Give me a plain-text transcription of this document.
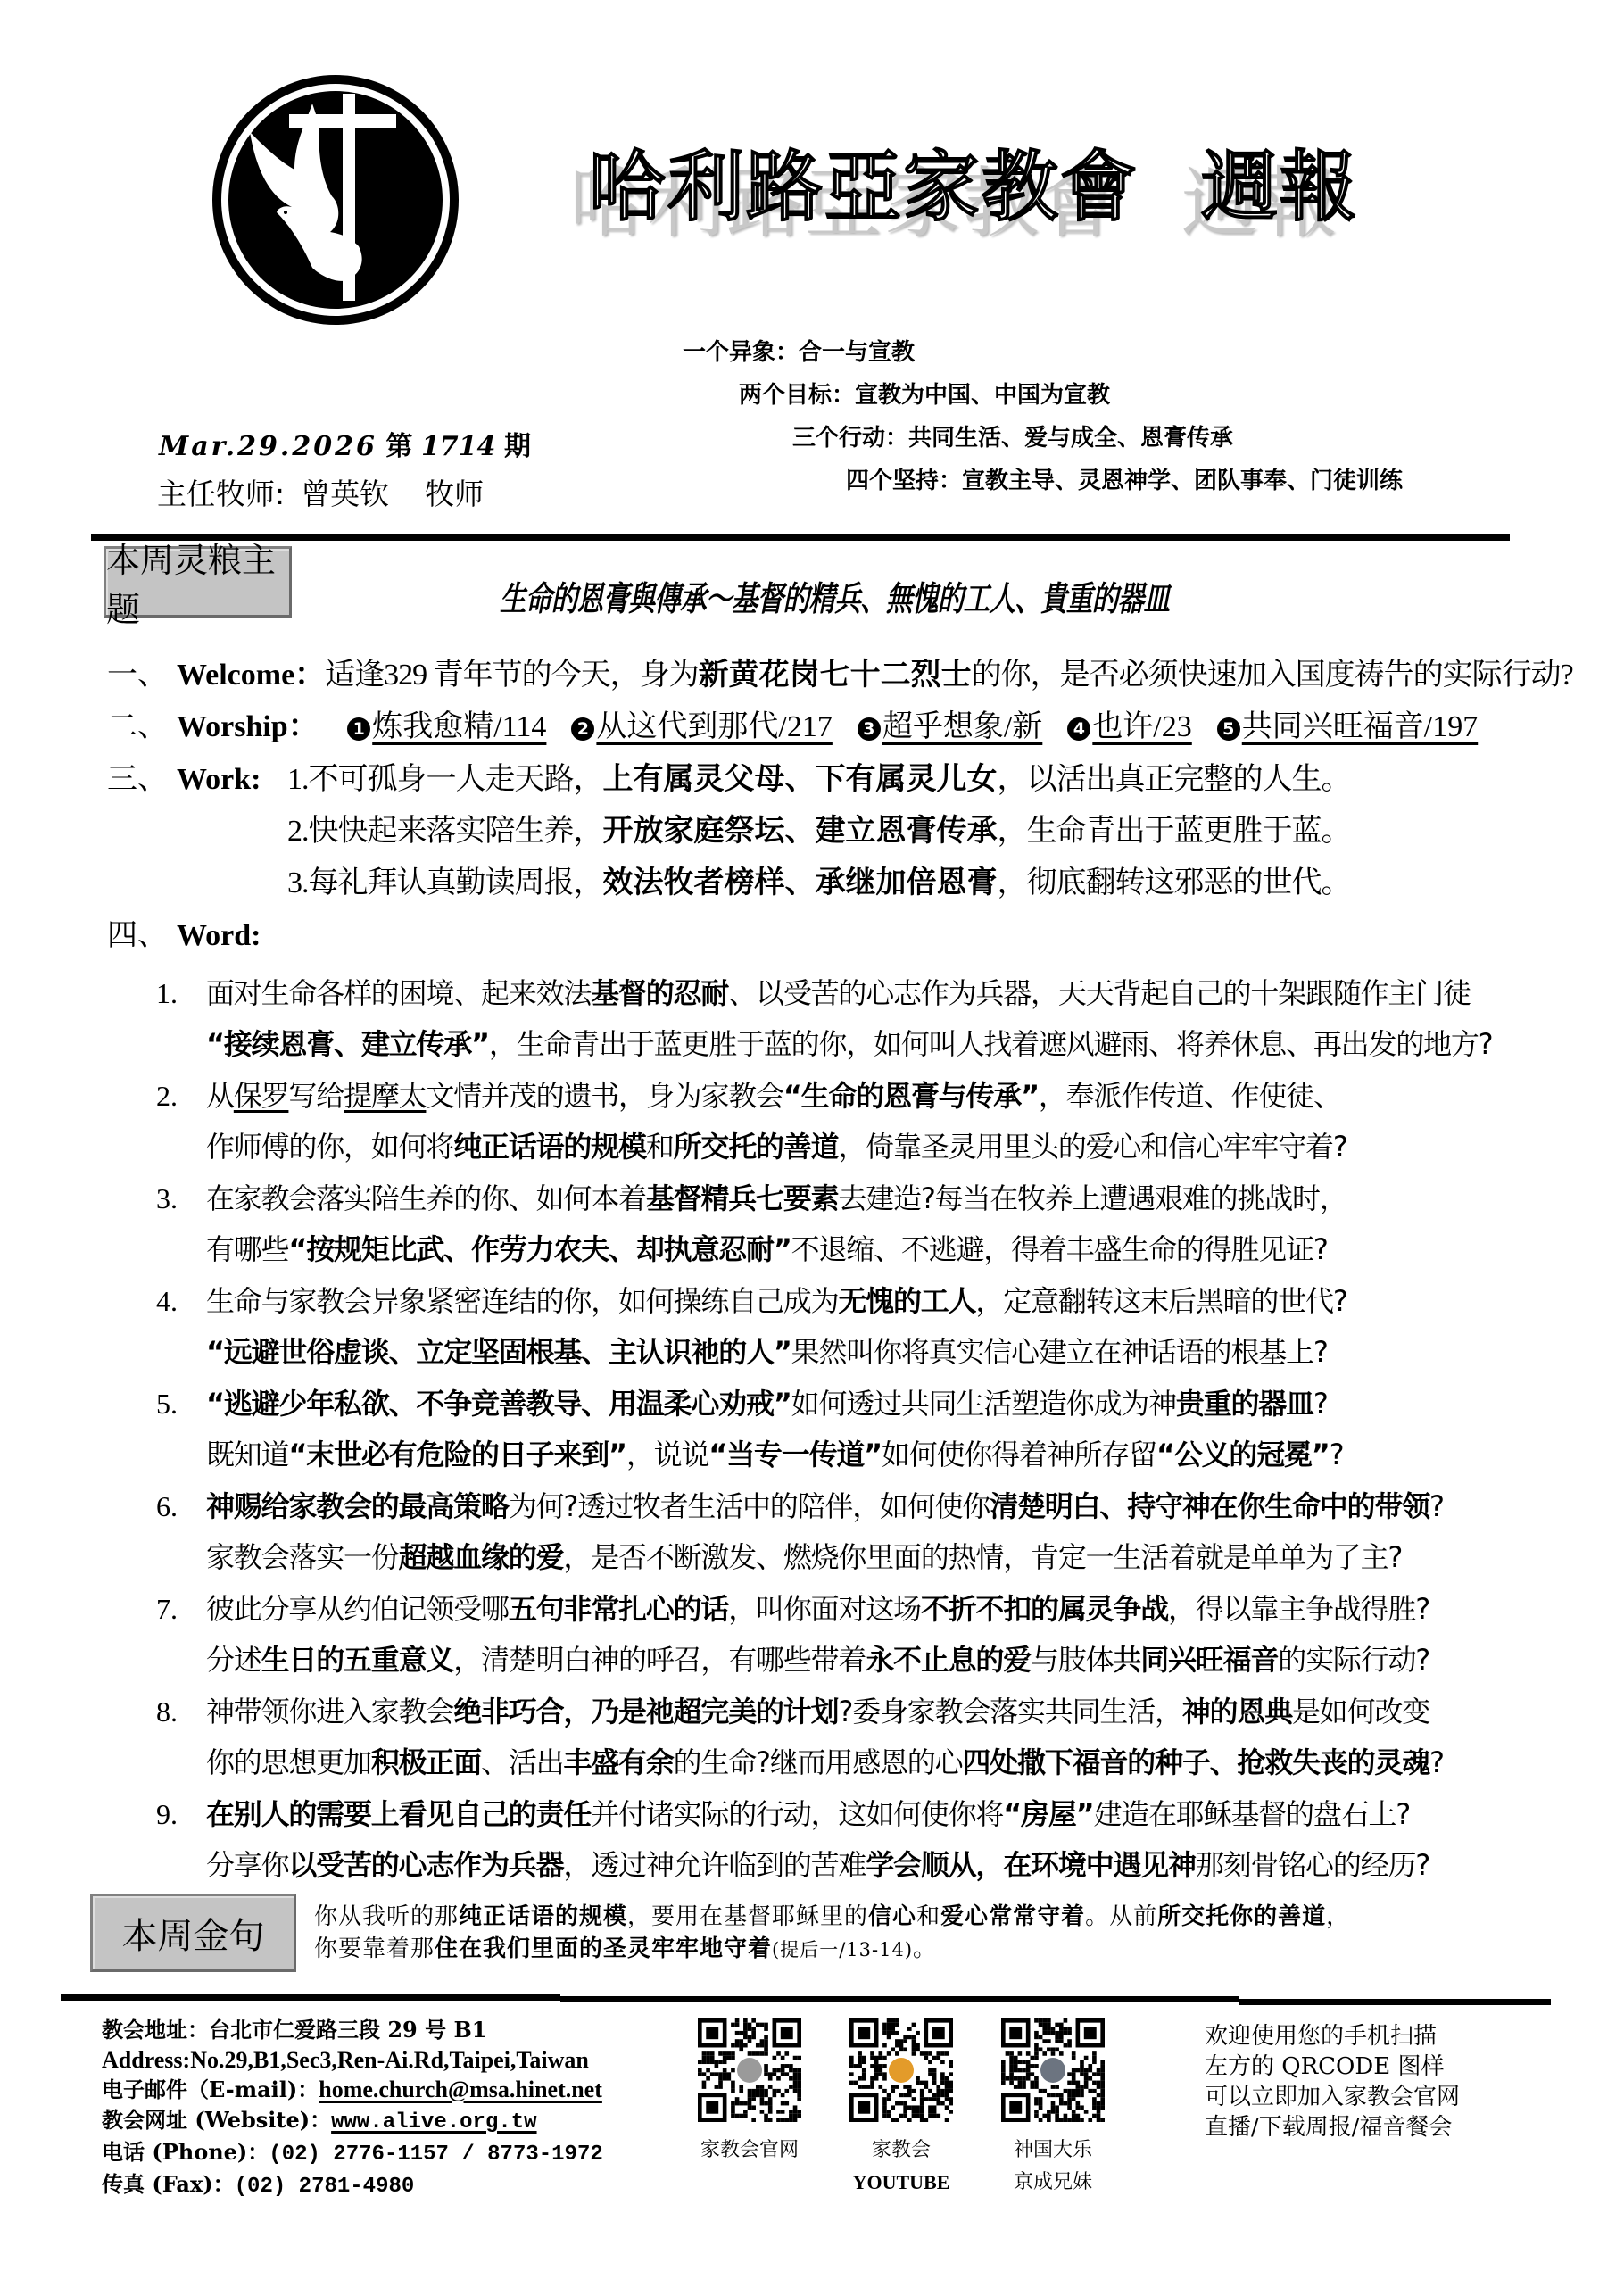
哈利路亞家教會 週報
Mar.29.2026 第 1714 期
主任牧师: 曾英钦 牧师
一个异象：合一与宣教
两个目标：宣教为中国、中国为宣教
三个行动：共同生活、爱与成全、恩膏传承
四个坚持：宣教主导、灵恩神学、团队事奉、门徒训练
本周灵粮主题	生命的恩膏與傳承～基督的精兵、無愧的工人、貴重的器皿
一、 Welcome：适逢329 青年节的今天，身为新黄花岗七十二烈士的你，是否必须快速加入国度祷告的实际行动?
二、 Worship： 1 炼我愈精/114 2 从这代到那代/217 3 超乎想象/新 4 也许/23 5 共同兴旺福音/197
三、 Work: 1.不可孤身一人走天路，上有属灵父母、下有属灵儿女，以活出真正完整的人生。
2.快快起来落实陪生养，开放家庭祭坛、建立恩膏传承，生命青出于蓝更胜于蓝。
3.每礼拜认真勤读周报，效法牧者榜样、承继加倍恩膏，彻底翻转这邪恶的世代。
四、 Word:
1. 面对生命各样的困境、起来效法基督的忍耐、以受苦的心志作为兵器，天天背起自己的十架跟随作主门徒
“接续恩膏、建立传承”，生命青出于蓝更胜于蓝的你，如何叫人找着遮风避雨、将养休息、再出发的地方?
2. 从保罗写给提摩太文情并茂的遗书，身为家教会“生命的恩膏与传承”，奉派作传道、作使徒、
作师傅的你，如何将纯正话语的规模和所交托的善道，倚靠圣灵用里头的爱心和信心牢牢守着?
3. 在家教会落实陪生养的你、如何本着基督精兵七要素去建造?每当在牧养上遭遇艰难的挑战时，
有哪些“按规矩比武、作劳力农夫、却执意忍耐”不退缩、不逃避，得着丰盛生命的得胜见证?
4. 生命与家教会异象紧密连结的你，如何操练自己成为无愧的工人，定意翻转这末后黑暗的世代?
“远避世俗虚谈、立定坚固根基、主认识祂的人”果然叫你将真实信心建立在神话语的根基上?
5. “逃避少年私欲、不争竞善教导、用温柔心劝戒”如何透过共同生活塑造你成为神贵重的器皿?
既知道“末世必有危险的日子来到”，说说“当专一传道”如何使你得着神所存留“公义的冠冕”?
6. 神赐给家教会的最高策略为何?透过牧者生活中的陪伴，如何使你清楚明白、持守神在你生命中的带领?
家教会落实一份超越血缘的爱，是否不断激发、燃烧你里面的热情，肯定一生活着就是单单为了主?
7. 彼此分享从约伯记领受哪五句非常扎心的话，叫你面对这场不折不扣的属灵争战，得以靠主争战得胜?
分述生日的五重意义，清楚明白神的呼召，有哪些带着永不止息的爱与肢体共同兴旺福音的实际行动?
8. 神带领你进入家教会绝非巧合，乃是祂超完美的计划?委身家教会落实共同生活，神的恩典是如何改变
你的思想更加积极正面、活出丰盛有余的生命?继而用感恩的心四处撒下福音的种子、抢救失丧的灵魂?
9. 在别人的需要上看见自己的责任并付诸实际的行动，这如何使你将“房屋”建造在耶稣基督的盘石上?
分享你以受苦的心志作为兵器，透过神允许临到的苦难学会顺从，在环境中遇见神那刻骨铭心的经历?
本周金句 你从我听的那纯正话语的规模，要用在基督耶稣里的信心和爱心常常守着。从前所交托你的善道，
你要靠着那住在我们里面的圣灵牢牢地守着(提后一/13-14)。
教会地址：台北市仁爱路三段 29 号 B1
Address:No.29,B1,Sec3,Ren-Ai.Rd,Taipei,Taiwan
电子邮件（E-mail)：home.church@msa.hinet.net
教会网址 (Website)：www.alive.org.tw
电话 (Phone)：(02) 2776-1157 / 8773-1972
传真 (Fax)：(02) 2781-4980
家教会官网	家教会
YOUTUBE
神国大乐
京成兄妹
欢迎使用您的手机扫描
左方的 QRCODE 图样
可以立即加入家教会官网
直播/下载周报/福音餐会
